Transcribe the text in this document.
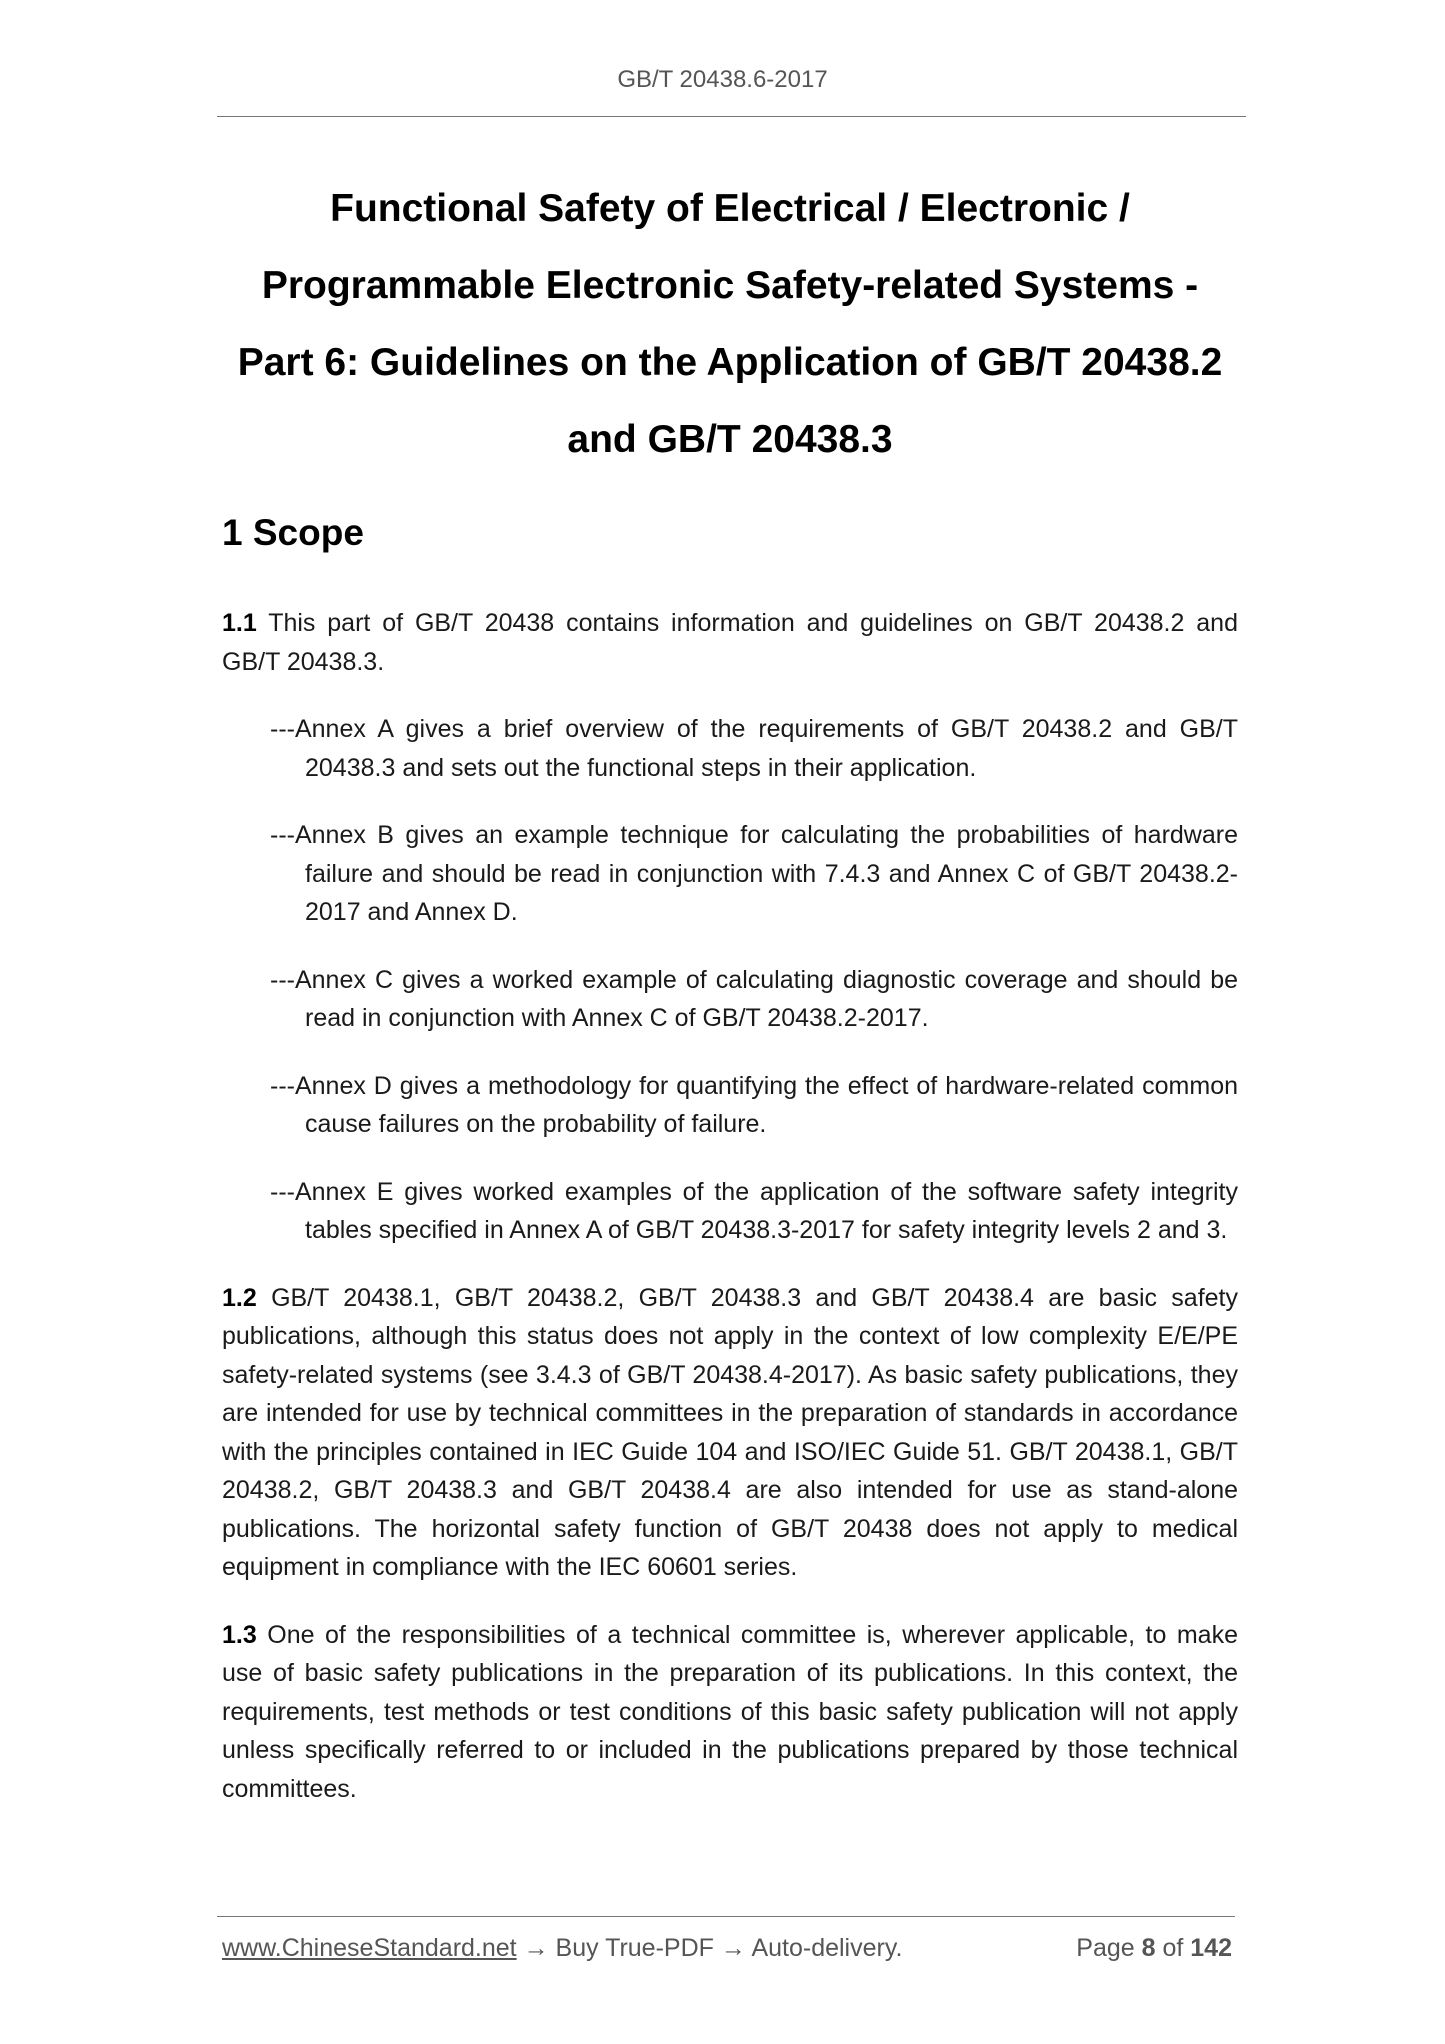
GB/T 20438.6-2017
Functional Safety of Electrical / Electronic /
Programmable Electronic Safety-related Systems -
Part 6: Guidelines on the Application of GB/T 20438.2
and GB/T 20438.3
1 Scope

1.1 This part of GB/T 20438 contains information and guidelines on GB/T 20438.2 and GB/T 20438.3.

---Annex A gives a brief overview of the requirements of GB/T 20438.2 and GB/T 20438.3 and sets out the functional steps in their application.
---Annex B gives an example technique for calculating the probabilities of hardware failure and should be read in conjunction with 7.4.3 and Annex C of GB/T 20438.2-2017 and Annex D.
---Annex C gives a worked example of calculating diagnostic coverage and should be read in conjunction with Annex C of GB/T 20438.2-2017.
---Annex D gives a methodology for quantifying the effect of hardware-related common cause failures on the probability of failure.
---Annex E gives worked examples of the application of the software safety integrity tables specified in Annex A of GB/T 20438.3-2017 for safety integrity levels 2 and 3.

1.2 GB/T 20438.1, GB/T 20438.2, GB/T 20438.3 and GB/T 20438.4 are basic safety publications, although this status does not apply in the context of low complexity E/E/PE safety-related systems (see 3.4.3 of GB/T 20438.4-2017). As basic safety publications, they are intended for use by technical committees in the preparation of standards in accordance with the principles contained in IEC Guide 104 and ISO/IEC Guide 51. GB/T 20438.1, GB/T 20438.2, GB/T 20438.3 and GB/T 20438.4 are also intended for use as stand-alone publications. The horizontal safety function of GB/T 20438 does not apply to medical equipment in compliance with the IEC 60601 series.

1.3 One of the responsibilities of a technical committee is, wherever applicable, to make use of basic safety publications in the preparation of its publications. In this context, the requirements, test methods or test conditions of this basic safety publication will not apply unless specifically referred to or included in the publications prepared by those technical committees.

www.ChineseStandard.net → Buy True-PDF → Auto-delivery.	Page 8 of 142
